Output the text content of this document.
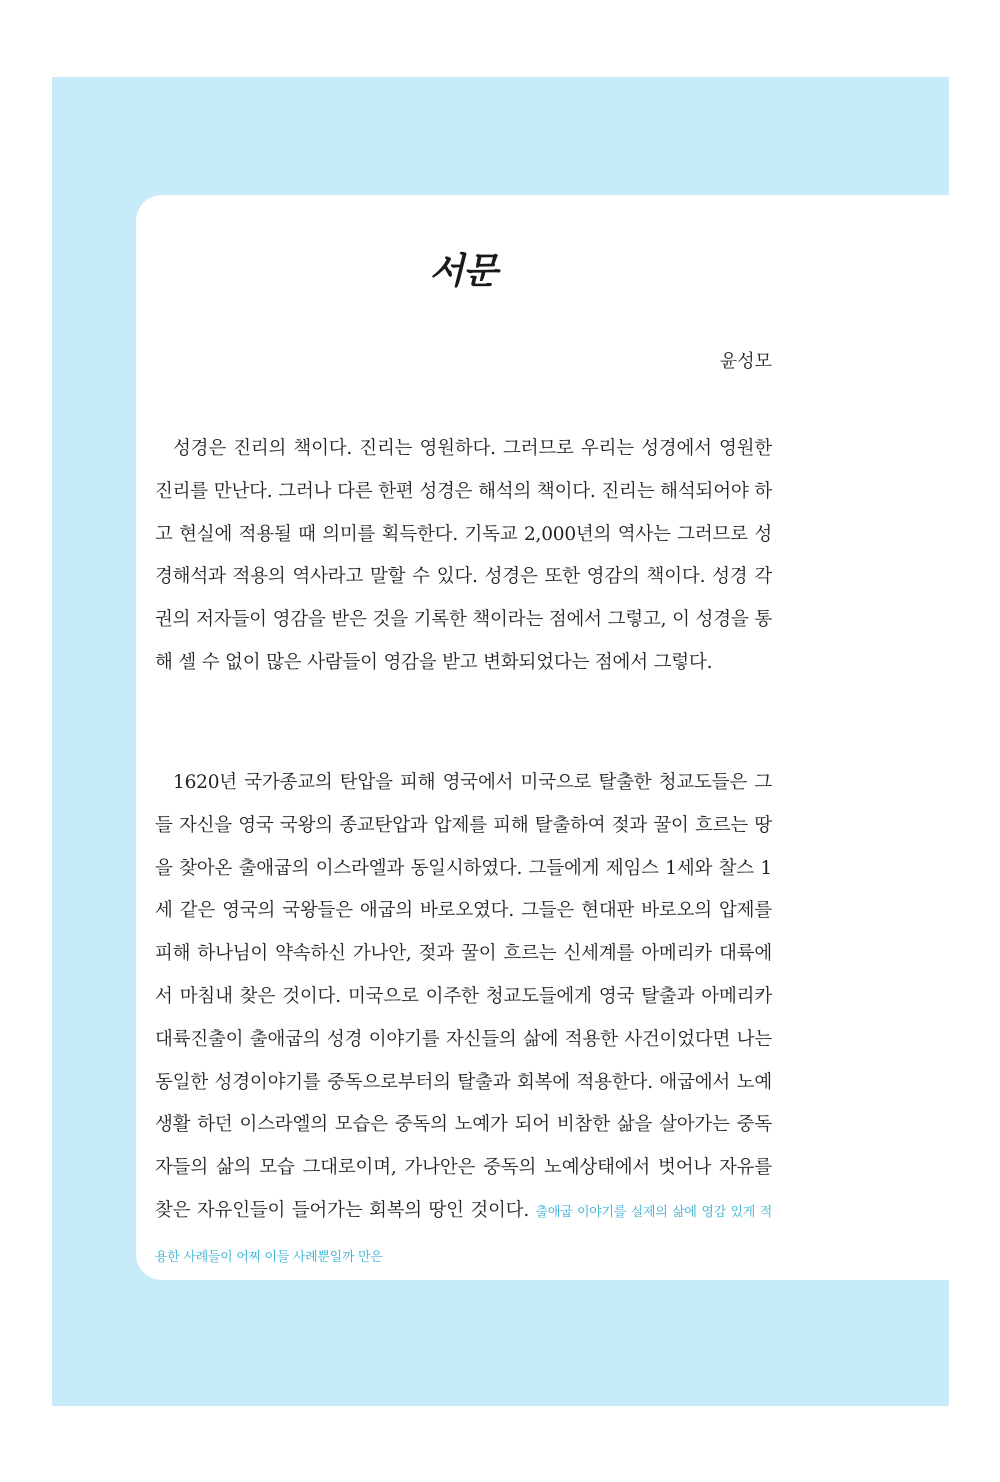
서문

윤성모

성경은 진리의 책이다. 진리는 영원하다. 그러므로 우리는 성경에서 영원한 진리를 만난다. 그러나 다른 한편 성경은 해석의 책이다. 진리는 해석되어야 하고 현실에 적용될 때 의미를 획득한다. 기독교 2,000년의 역사는 그러므로 성경해석과 적용의 역사라고 말할 수 있다. 성경은 또한 영감의 책이다. 성경 각권의 저자들이 영감을 받은 것을 기록한 책이라는 점에서 그렇고, 이 성경을 통해 셀 수 없이 많은 사람들이 영감을 받고 변화되었다는 점에서 그렇다.

1620년 국가종교의 탄압을 피해 영국에서 미국으로 탈출한 청교도들은 그들 자신을 영국 국왕의 종교탄압과 압제를 피해 탈출하여 젖과 꿀이 흐르는 땅을 찾아온 출애굽의 이스라엘과 동일시하였다. 그들에게 제임스 1세와 찰스 1세 같은 영국의 국왕들은 애굽의 바로오였다. 그들은 현대판 바로오의 압제를 피해 하나님이 약속하신 가나안, 젖과 꿀이 흐르는 신세계를 아메리카 대륙에서 마침내 찾은 것이다. 미국으로 이주한 청교도들에게 영국 탈출과 아메리카 대륙진출이 출애굽의 성경 이야기를 자신들의 삶에 적용한 사건이었다면 나는 동일한 성경이야기를 중독으로부터의 탈출과 회복에 적용한다. 애굽에서 노예생활 하던 이스라엘의 모습은 중독의 노예가 되어 비참한 삶을 살아가는 중독자들의 삶의 모습 그대로이며, 가나안은 중독의 노예상태에서 벗어나 자유를 찾은 자유인들이 들어가는 회복의 땅인 것이다. 출애굽 이야기를 실제의 삶에 영감 있게 적용한 사례들이 어찌 이들 사례뿐일까 만은
